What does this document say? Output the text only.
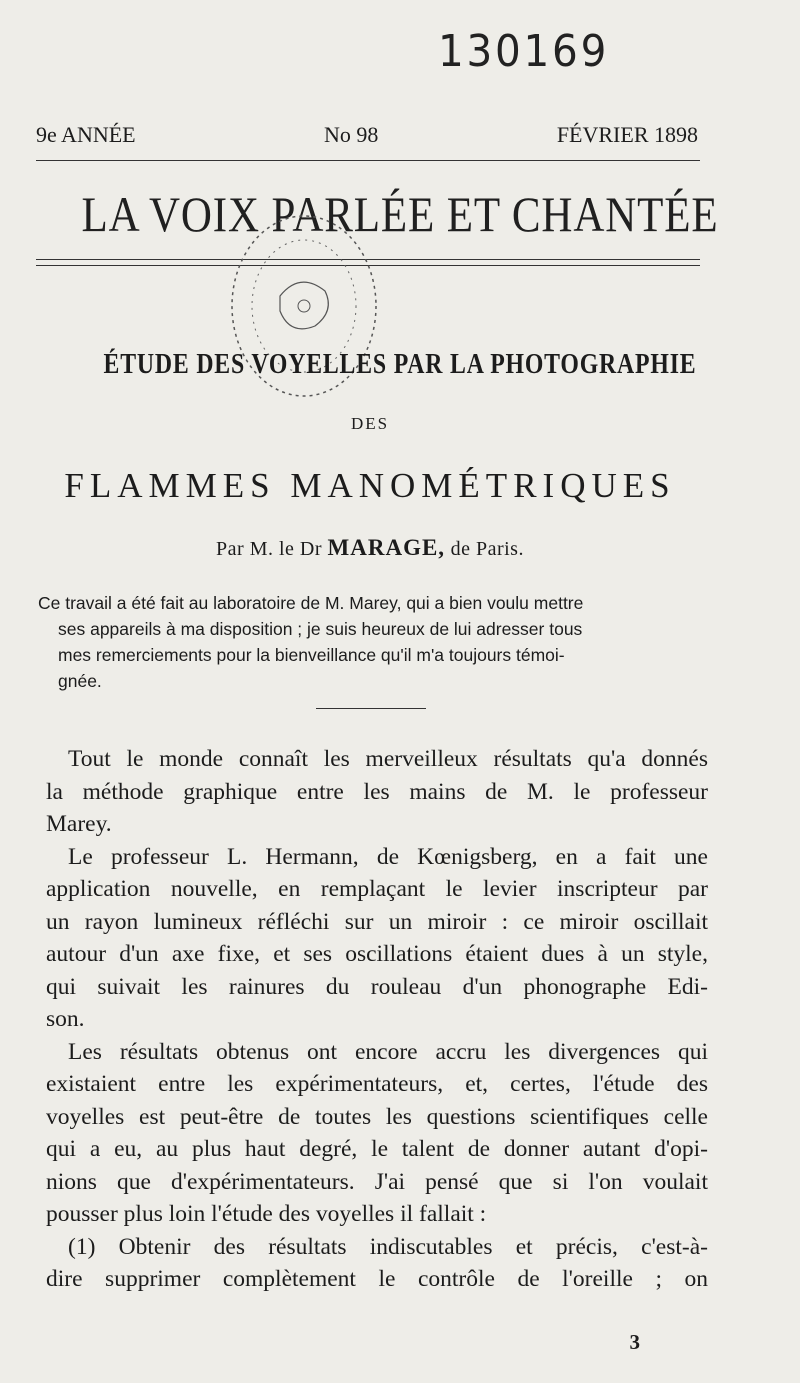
130169
9e ANNÉE	No 98	FÉVRIER 1898
LA VOIX PARLÉE ET CHANTÉE
ÉTUDE DES VOYELLES PAR LA PHOTOGRAPHIE
DES
FLAMMES MANOMÉTRIQUES
Par M. le Dr MARAGE, de Paris.
Ce travail a été fait au laboratoire de M. Marey, qui a bien voulu mettre
ses appareils à ma disposition ; je suis heureux de lui adresser tous
mes remerciements pour la bienveillance qu'il m'a toujours témoi-
gnée.
Tout le monde connaît les merveilleux résultats qu'a donnés
la méthode graphique entre les mains de M. le professeur
Marey.
Le professeur L. Hermann, de Kœnigsberg, en a fait une
application nouvelle, en remplaçant le levier inscripteur par
un rayon lumineux réfléchi sur un miroir : ce miroir oscillait
autour d'un axe fixe, et ses oscillations étaient dues à un style,
qui suivait les rainures du rouleau d'un phonographe Edi-
son.
Les résultats obtenus ont encore accru les divergences qui
existaient entre les expérimentateurs, et, certes, l'étude des
voyelles est peut-être de toutes les questions scientifiques celle
qui a eu, au plus haut degré, le talent de donner autant d'opi-
nions que d'expérimentateurs. J'ai pensé que si l'on voulait
pousser plus loin l'étude des voyelles il fallait :
(1) Obtenir des résultats indiscutables et précis, c'est-à-
dire supprimer complètement le contrôle de l'oreille ; on
3
